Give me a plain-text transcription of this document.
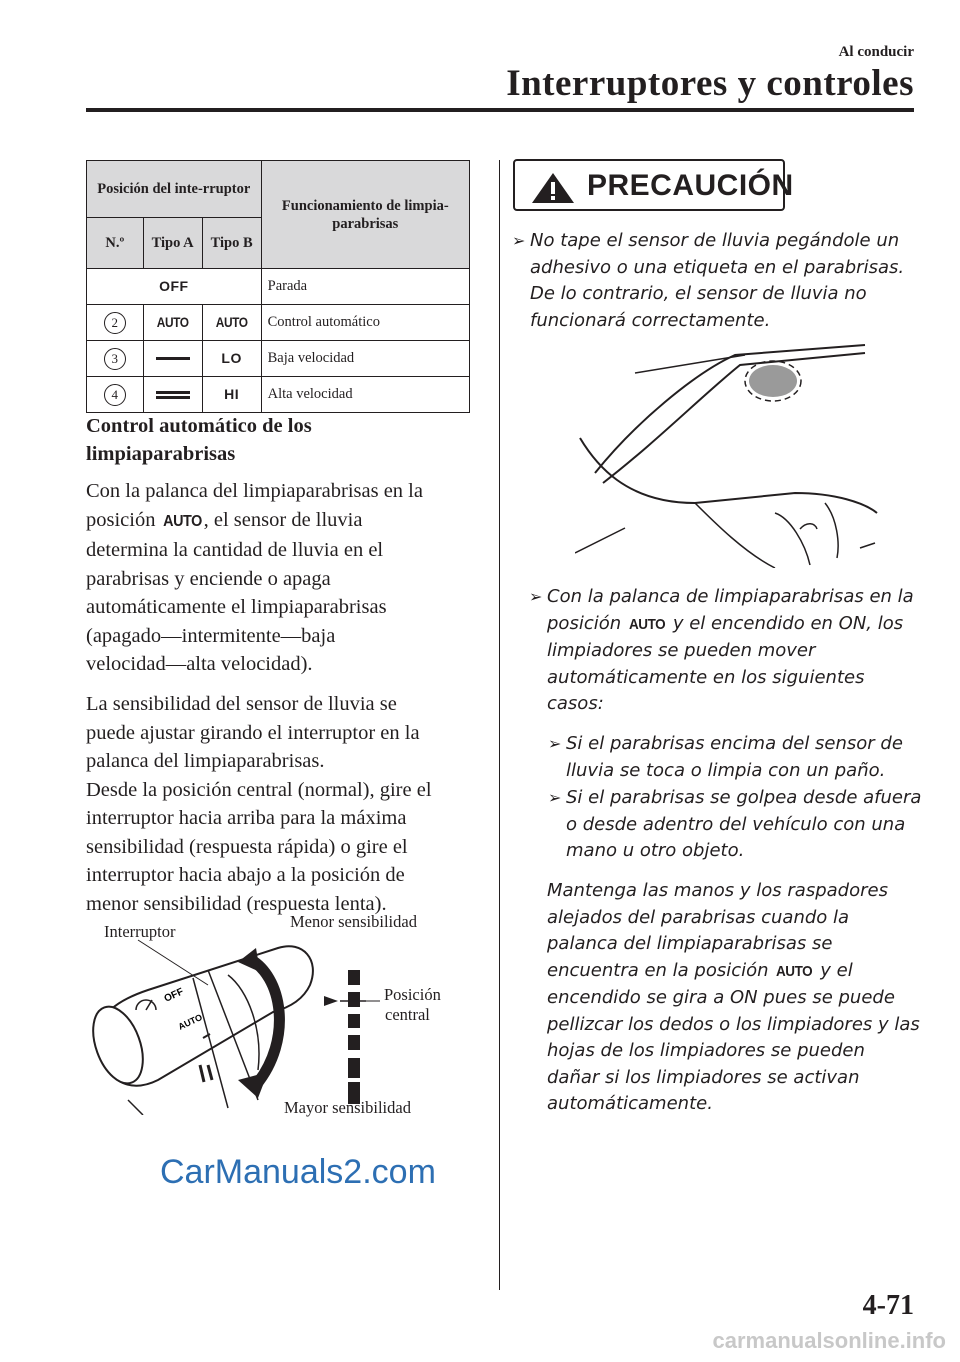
Al conducir
Interruptores y controles
Posición del inte-rruptor			Funcionamiento de limpia-parabrisas
N.º	Tipo A	Tipo B	
OFF			Parada
2	AUTO	AUTO	Control automático
3		LO	Baja velocidad
4		HI	Alta velocidad
Control automático de los
limpiaparabrisas
Con la palanca del limpiaparabrisas en la
posición AUTO , el sensor de lluvia
determina la cantidad de lluvia en el
parabrisas y enciende o apaga
automáticamente el limpiaparabrisas
(apagado—intermitente—baja
velocidad—alta velocidad).
La sensibilidad del sensor de lluvia se
puede ajustar girando el interruptor en la
palanca del limpiaparabrisas.
Desde la posición central (normal), gire el
interruptor hacia arriba para la máxima
sensibilidad (respuesta rápida) o gire el
interruptor hacia abajo a la posición de
menor sensibilidad (respuesta lenta).
OFF
AUTO
Interruptor
Menor sensibilidad
Posición
central
Mayor sensibilidad
PRECAUCIÓN
➢ No tape el sensor de lluvia pegándole un
adhesivo o una etiqueta en el parabrisas.
De lo contrario, el sensor de lluvia no
funcionará correctamente.
➢ Con la palanca de limpiaparabrisas en la
posición AUTO y el encendido en ON, los
limpiadores se pueden mover
automáticamente en los siguientes
casos:
➢ Si el parabrisas encima del sensor de
lluvia se toca o limpia con un paño.
➢ Si el parabrisas se golpea desde afuera
o desde adentro del vehículo con una
mano u otro objeto.
Mantenga las manos y los raspadores
alejados del parabrisas cuando la
palanca del limpiaparabrisas se
encuentra en la posición AUTO y el
encendido se gira a ON pues se puede
pellizcar los dedos o los limpiadores y las
hojas de los limpiadores se pueden
dañar si los limpiadores se activan
automáticamente.
CarManuals2.com
4-71
carmanualsonline.info
